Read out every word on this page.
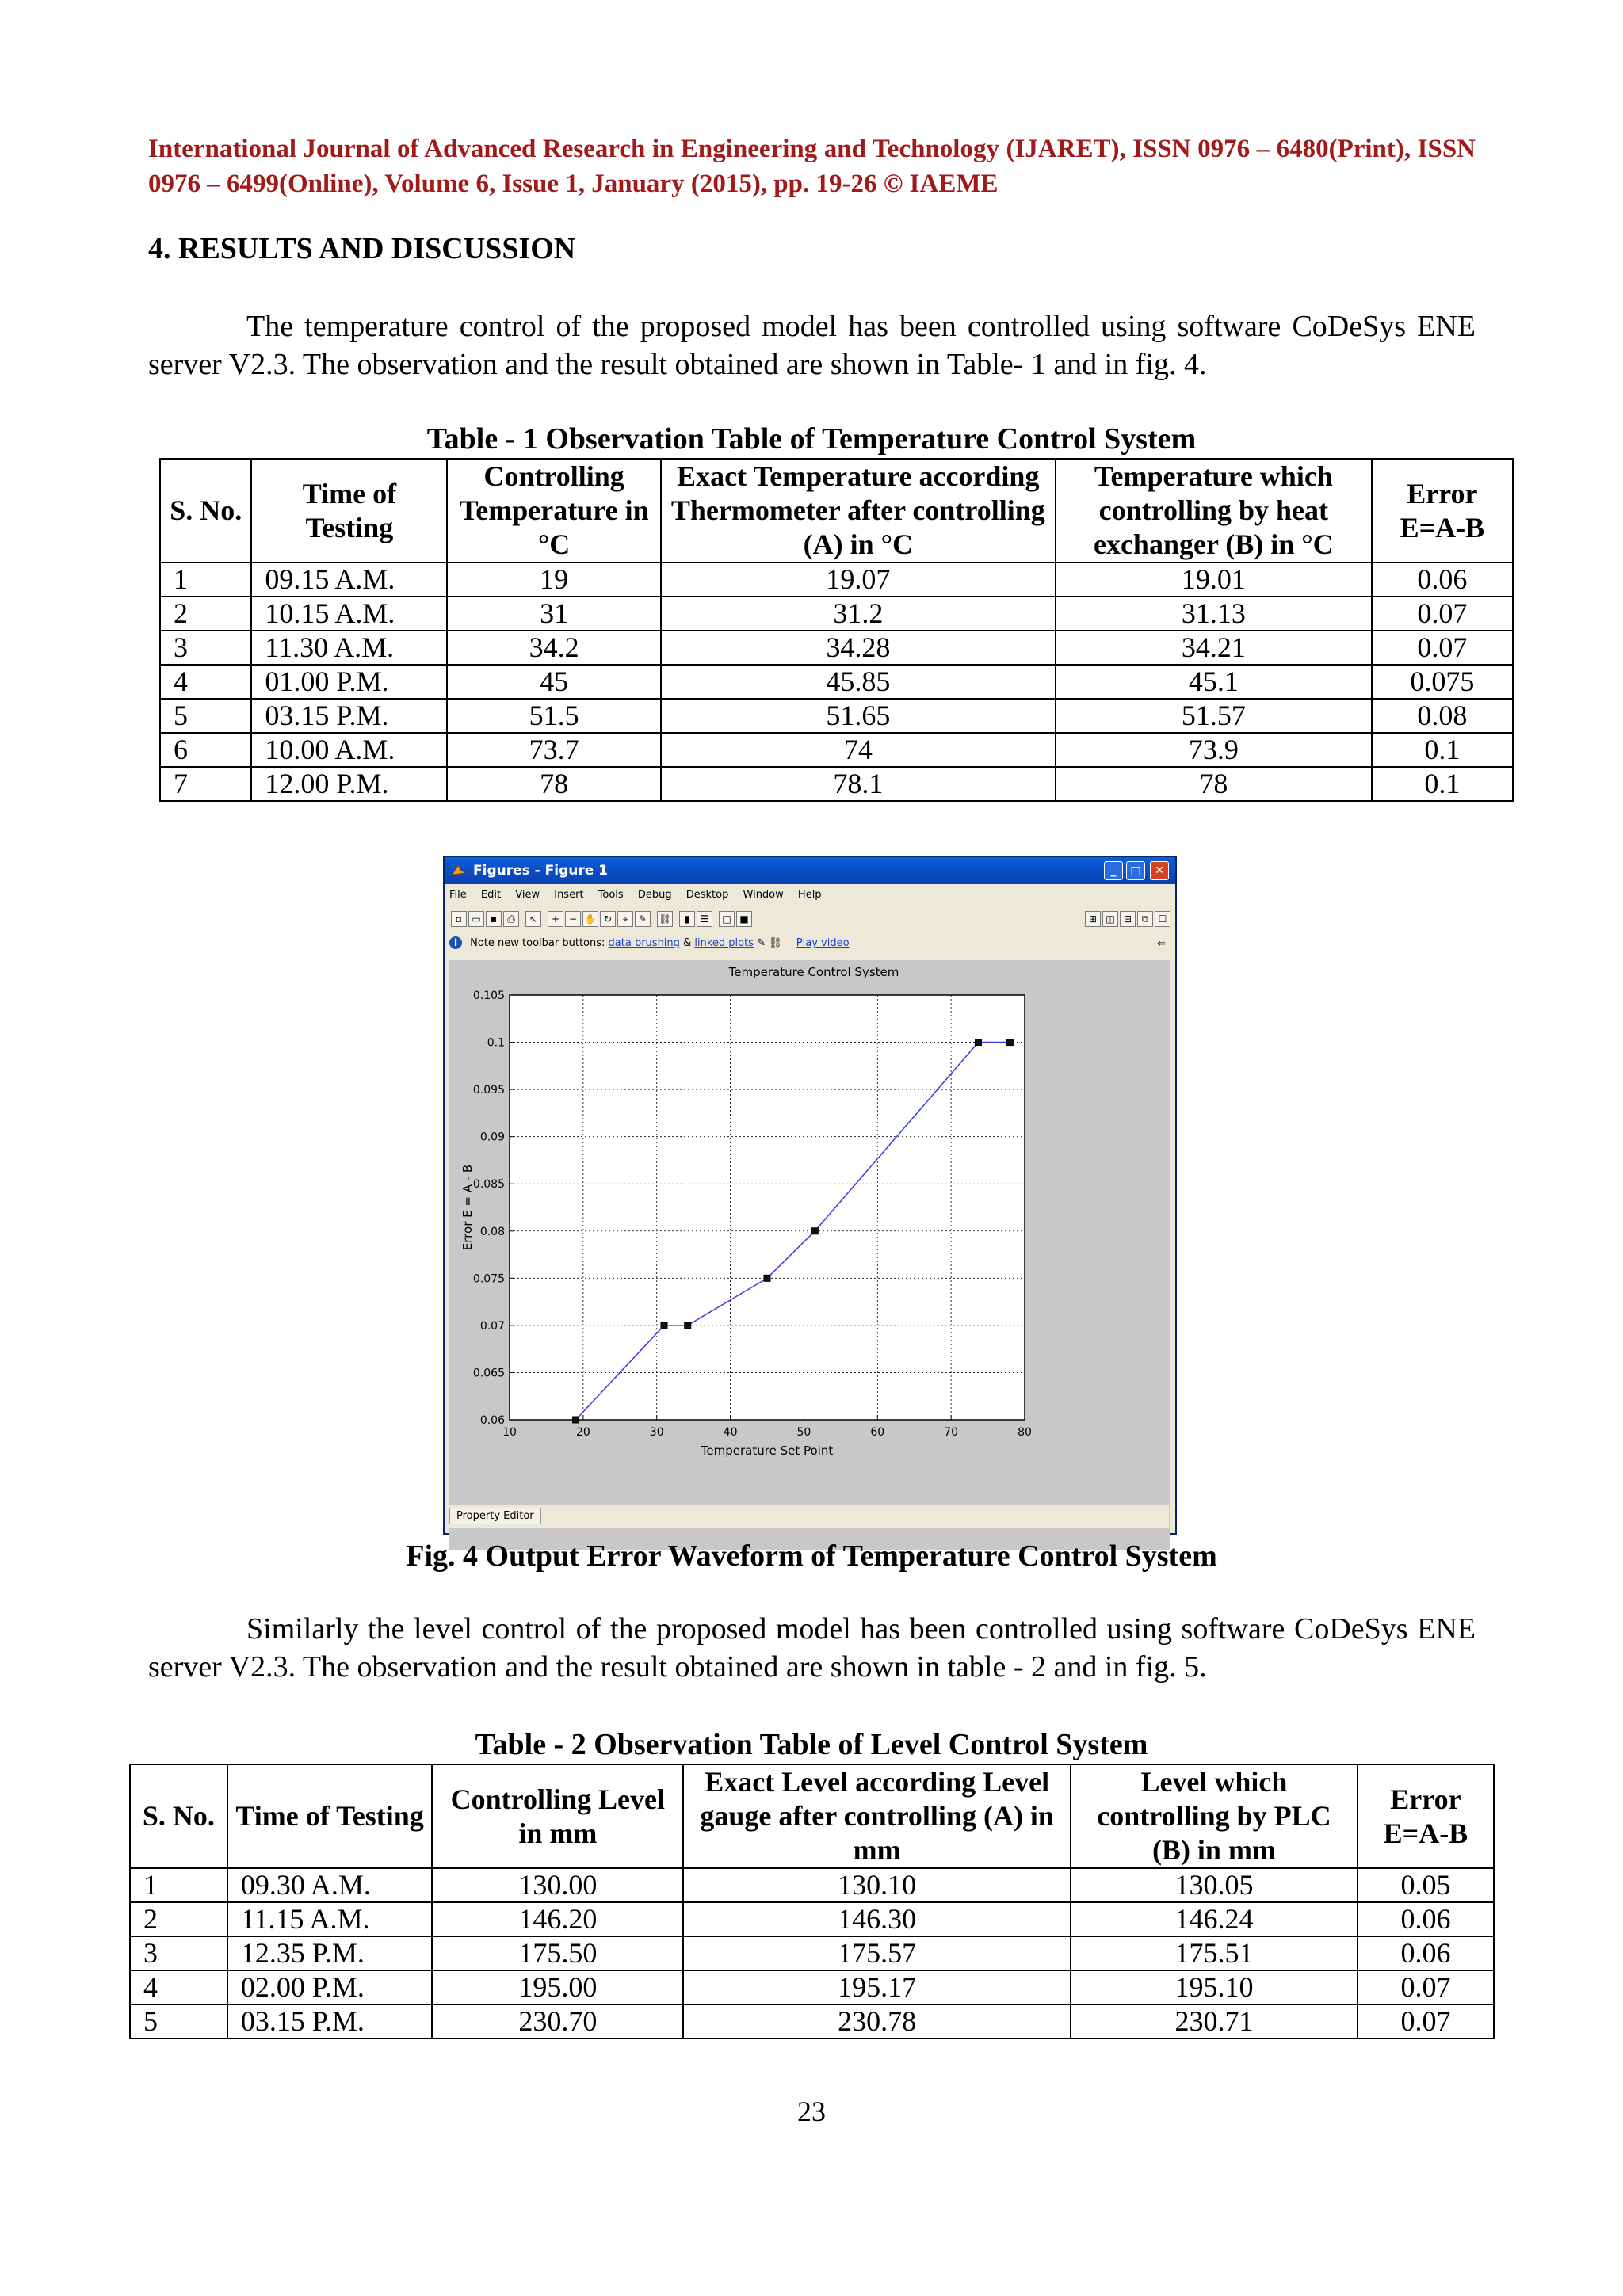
International Journal of Advanced Research in Engineering and Technology (IJARET), ISSN 0976 – 6480(Print), ISSN 0976 – 6499(Online), Volume 6, Issue 1, January (2015), pp. 19-26 © IAEME
4. RESULTS AND DISCUSSION
The temperature control of the proposed model has been controlled using software CoDeSys ENE server V2.3. The observation and the result obtained are shown in Table- 1 and in fig. 4.
Table - 1 Observation Table of Temperature Control System
S. No.	Time of Testing	Controlling Temperature in °C	Exact Temperature according Thermometer after controlling (A) in °C	Temperature which controlling by heat exchanger (B) in °C	Error E=A-B
1	09.15 A.M.	19	19.07	19.01	0.06
2	10.15 A.M.	31	31.2	31.13	0.07
3	11.30 A.M.	34.2	34.28	34.21	0.07
4	01.00 P.M.	45	45.85	45.1	0.075
5	03.15 P.M.	51.5	51.65	51.57	0.08
6	10.00 A.M.	73.7	74	73.9	0.1
7	12.00 P.M.	78	78.1	78	0.1
Figures - Figure 1	_	□	✕
File Edit View Insert Tools Debug Desktop Window Help
▫	▭	▪	⎙	↖	+ − ✋ ↻	⌖	✎	⛓	▮	☰	□ ■	⊞ ◫ ⊟	⧉	☐
i Note new toolbar buttons: data brushing & linked plots ✎ ⛓ Play video	⇐
Temperature Control System
10	20	30	40	50	60	70	80
0.06
0.065
0.07
0.075
0.08
0.085
0.09
0.095
0.1
0.105
Temperature Set Point
Error E = A - B
Property Editor
Fig. 4 Output Error Waveform of Temperature Control System
Similarly the level control of the proposed model has been controlled using software CoDeSys ENE server V2.3. The observation and the result obtained are shown in table - 2 and in fig. 5.
Table - 2 Observation Table of Level Control System
S. No.	Time of Testing	Controlling Level in mm	Exact Level according Level gauge after controlling (A) in mm	Level which controlling by PLC (B) in mm	Error E=A-B
1	09.30 A.M.	130.00	130.10	130.05	0.05
2	11.15 A.M.	146.20	146.30	146.24	0.06
3	12.35 P.M.	175.50	175.57	175.51	0.06
4	02.00 P.M.	195.00	195.17	195.10	0.07
5	03.15 P.M.	230.70	230.78	230.71	0.07
23
